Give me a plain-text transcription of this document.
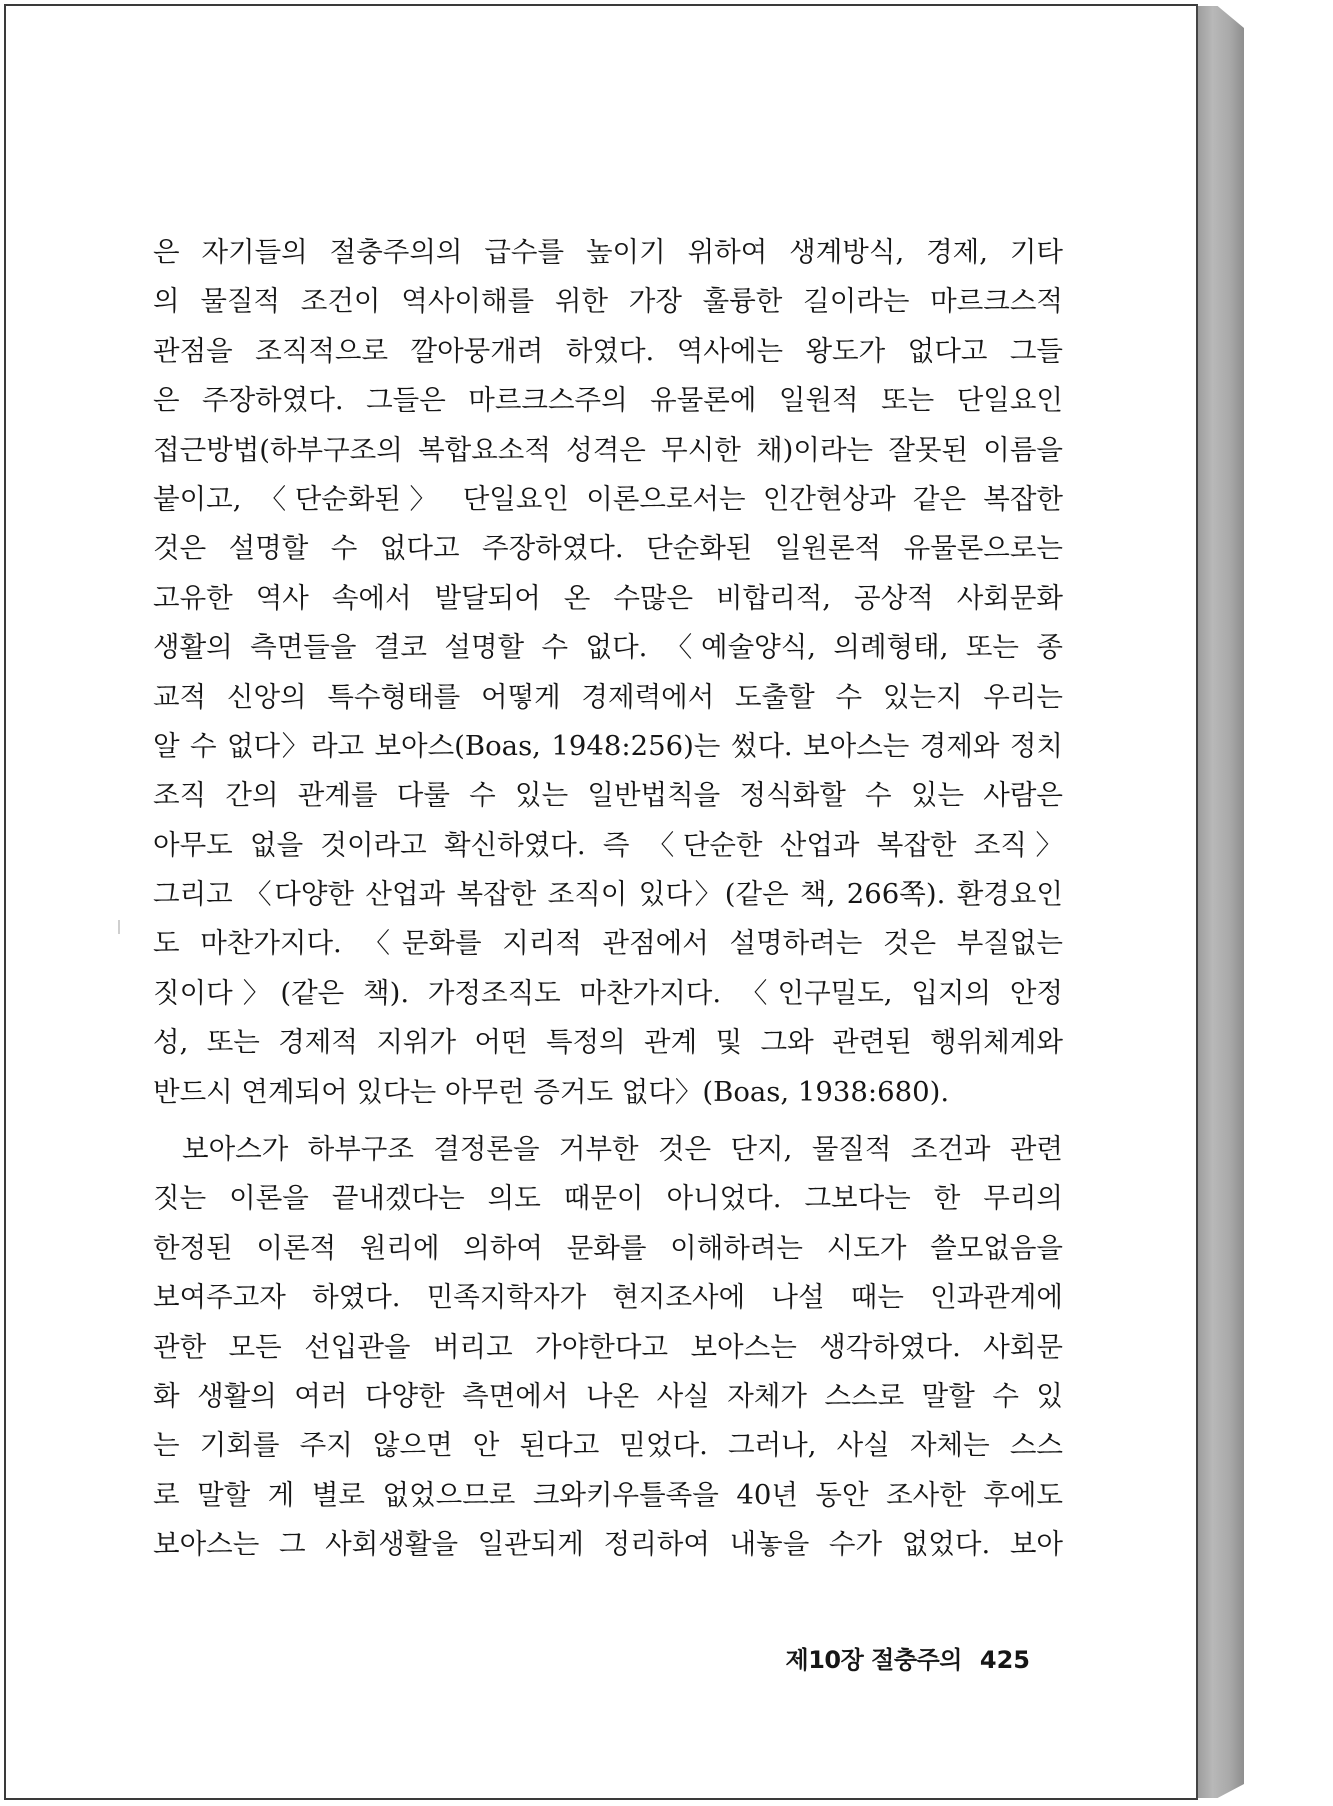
은 자기들의 절충주의의 급수를 높이기 위하여 생계방식, 경제, 기타
의 물질적 조건이 역사이해를 위한 가장 훌륭한 길이라는 마르크스적
관점을 조직적으로 깔아뭉개려 하였다. 역사에는 왕도가 없다고 그들
은 주장하였다. 그들은 마르크스주의 유물론에 일원적 또는 단일요인
접근방법(하부구조의 복합요소적 성격은 무시한 채)이라는 잘못된 이름을
붙이고, 〈단순화된〉 단일요인 이론으로서는 인간현상과 같은 복잡한
것은 설명할 수 없다고 주장하였다. 단순화된 일원론적 유물론으로는
고유한 역사 속에서 발달되어 온 수많은 비합리적, 공상적 사회문화
생활의 측면들을 결코 설명할 수 없다. 〈예술양식, 의례형태, 또는 종
교적 신앙의 특수형태를 어떻게 경제력에서 도출할 수 있는지 우리는
알 수 없다〉라고 보아스(Boas, 1948:256)는 썼다. 보아스는 경제와 정치
조직 간의 관계를 다룰 수 있는 일반법칙을 정식화할 수 있는 사람은
아무도 없을 것이라고 확신하였다. 즉 〈단순한 산업과 복잡한 조직〉
그리고 〈다양한 산업과 복잡한 조직이 있다〉(같은 책, 266쪽). 환경요인
도 마찬가지다. 〈문화를 지리적 관점에서 설명하려는 것은 부질없는
짓이다〉(같은 책). 가정조직도 마찬가지다. 〈인구밀도, 입지의 안정
성, 또는 경제적 지위가 어떤 특정의 관계 및 그와 관련된 행위체계와
반드시 연계되어 있다는 아무런 증거도 없다〉(Boas, 1938:680).
보아스가 하부구조 결정론을 거부한 것은 단지, 물질적 조건과 관련
짓는 이론을 끝내겠다는 의도 때문이 아니었다. 그보다는 한 무리의
한정된 이론적 원리에 의하여 문화를 이해하려는 시도가 쓸모없음을
보여주고자 하였다. 민족지학자가 현지조사에 나설 때는 인과관계에
관한 모든 선입관을 버리고 가야한다고 보아스는 생각하였다. 사회문
화 생활의 여러 다양한 측면에서 나온 사실 자체가 스스로 말할 수 있
는 기회를 주지 않으면 안 된다고 믿었다. 그러나, 사실 자체는 스스
로 말할 게 별로 없었으므로 크와키우틀족을 40년 동안 조사한 후에도
보아스는 그 사회생활을 일관되게 정리하여 내놓을 수가 없었다. 보아
제10장 절충주의 425
